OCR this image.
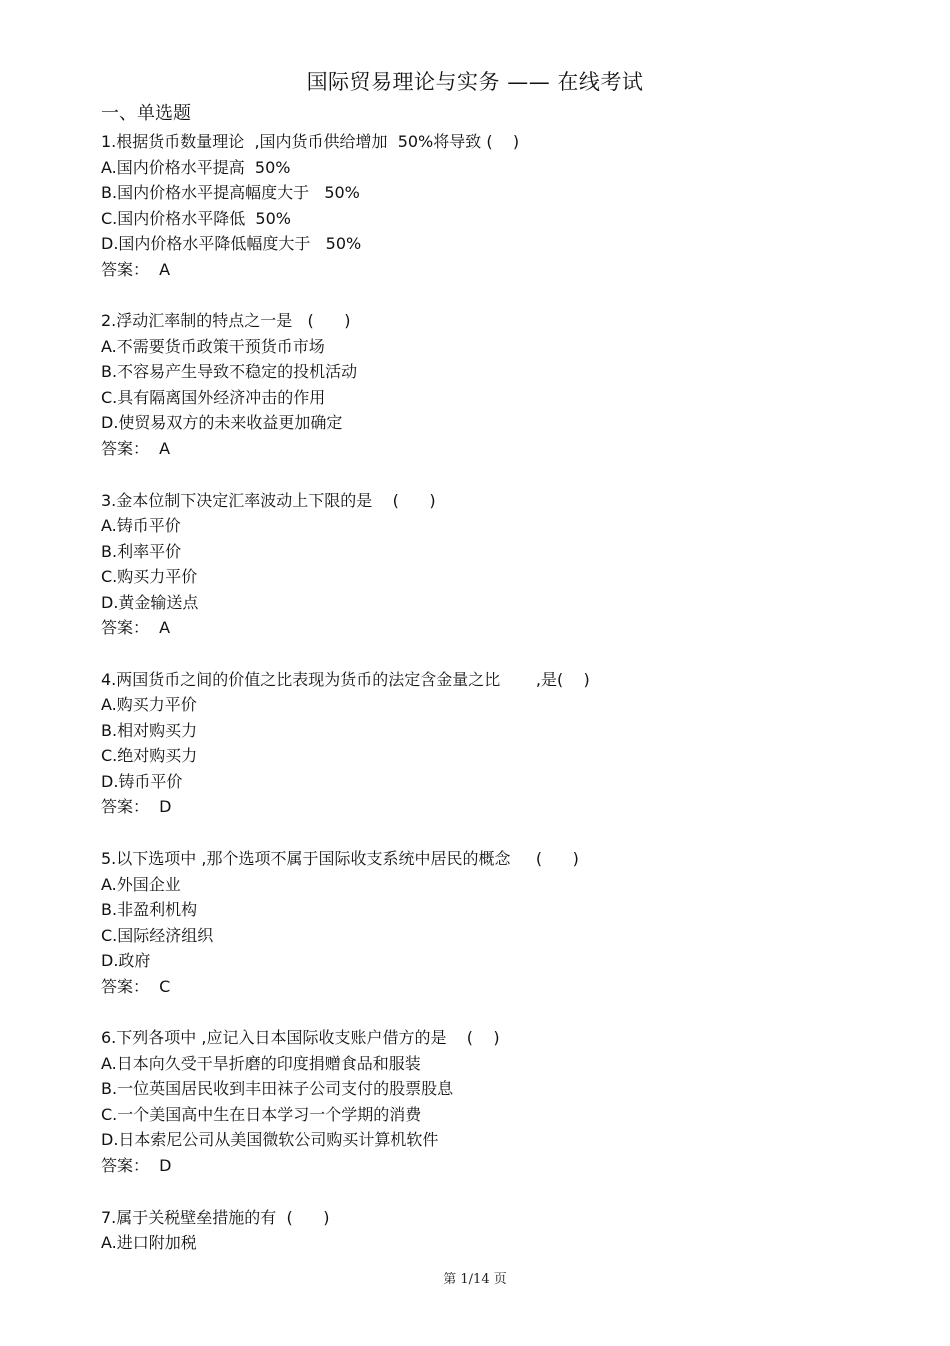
国际贸易理论与实务 —— 在线考试
一、单选题
1.根据货币数量理论  ,国内货币供给增加  50%将导致 (    )
A.国内价格水平提高  50%
B.国内价格水平提高幅度大于   50%
C.国内价格水平降低  50%
D.国内价格水平降低幅度大于   50%
答案：  A
2.浮动汇率制的特点之一是   (      )
A.不需要货币政策干预货币市场
B.不容易产生导致不稳定的投机活动
C.具有隔离国外经济冲击的作用
D.使贸易双方的未来收益更加确定
答案：  A
3.金本位制下决定汇率波动上下限的是    (      )
A.铸币平价
B.利率平价
C.购买力平价
D.黄金输送点
答案：  A
4.两国货币之间的价值之比表现为货币的法定含金量之比       ,是(    )
A.购买力平价
B.相对购买力
C.绝对购买力
D.铸币平价
答案：  D
5.以下选项中 ,那个选项不属于国际收支系统中居民的概念     (      )
A.外国企业
B.非盈利机构
C.国际经济组织
D.政府
答案：  C
6.下列各项中 ,应记入日本国际收支账户借方的是    (    )
A.日本向久受干旱折磨的印度捐赠食品和服装
B.一位英国居民收到丰田袜子公司支付的股票股息
C.一个美国高中生在日本学习一个学期的消费
D.日本索尼公司从美国微软公司购买计算机软件
答案：  D
7.属于关税壁垒措施的有  (      )
A.进口附加税
第 1/14 页
